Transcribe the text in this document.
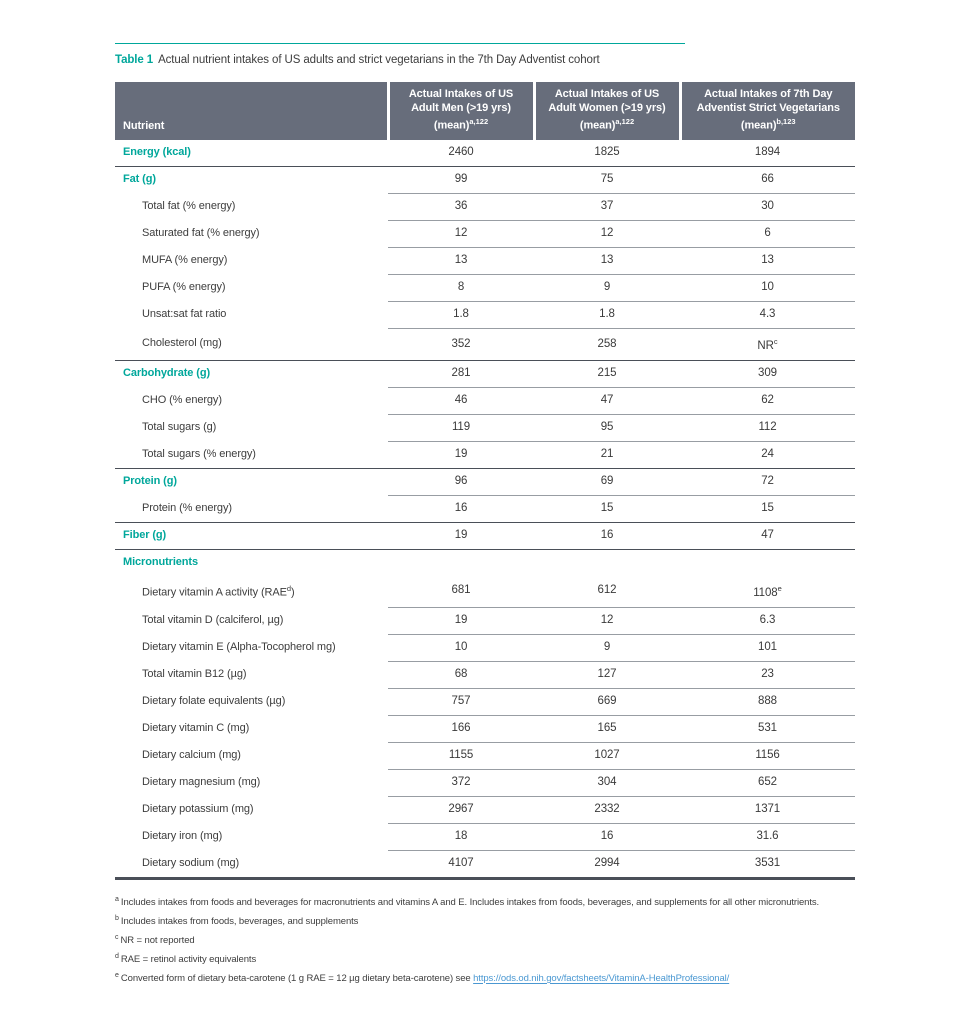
Table 1 Actual nutrient intakes of US adults and strict vegetarians in the 7th Day Adventist cohort
Nutrient	Actual Intakes of US Adult Men (>19 yrs) (mean)$^{a,122}$	Actual Intakes of US Adult Women (>19 yrs) (mean)$^{a,122}$	Actual Intakes of 7th Day Adventist Strict Vegetarians (mean)$^{b,123}$
Energy (kcal)	2460	1825	1894
Fat (g)	99	75	66
Total fat (% energy)	36	37	30
Saturated fat (% energy)	12	12	6
MUFA (% energy)	13	13	13
PUFA (% energy)	8	9	10
Unsat:sat fat ratio	1.8	1.8	4.3
Cholesterol (mg)	352	258	$NR^c$
Carbohydrate (g)	281	215	309
CHO (% energy)	46	47	62
Total sugars (g)	119	95	112
Total sugars (% energy)	19	21	24
Protein (g)	96	69	72
Protein (% energy)	16	15	15
Fiber (g)	19	16	47
Micronutrients			
Dietary vitamin A activity (RAE$^d$)	681	612	1108e
Total vitamin D (calciferol, µg)	19	12	6.3
Dietary vitamin E (Alpha-Tocopherol mg)	10	9	101
Total vitamin B12 (µg)	68	127	23
Dietary folate equivalents (µg)	757	669	888
Dietary vitamin C (mg)	166	165	531
Dietary calcium (mg)	1155	1027	1156
Dietary magnesium (mg)	372	304	652
Dietary potassium (mg)	2967	2332	1371
Dietary iron (mg)	18	16	31.6
Dietary sodium (mg)	4107	2994	3531
$^a$ Includes intakes from foods and beverages for macronutrients and vitamins A and E. Includes intakes from foods, beverages, and supplements for all other micronutrients.
$^b$ Includes intakes from foods, beverages, and supplements
$^c$ NR = not reported
$^d$ RAE = retinol activity equivalents
$^e$ Converted form of dietary beta-carotene (1 g RAE = 12 µg dietary beta-carotene) see https://ods.od.nih.gov/factsheets/VitaminA-HealthProfessional/
